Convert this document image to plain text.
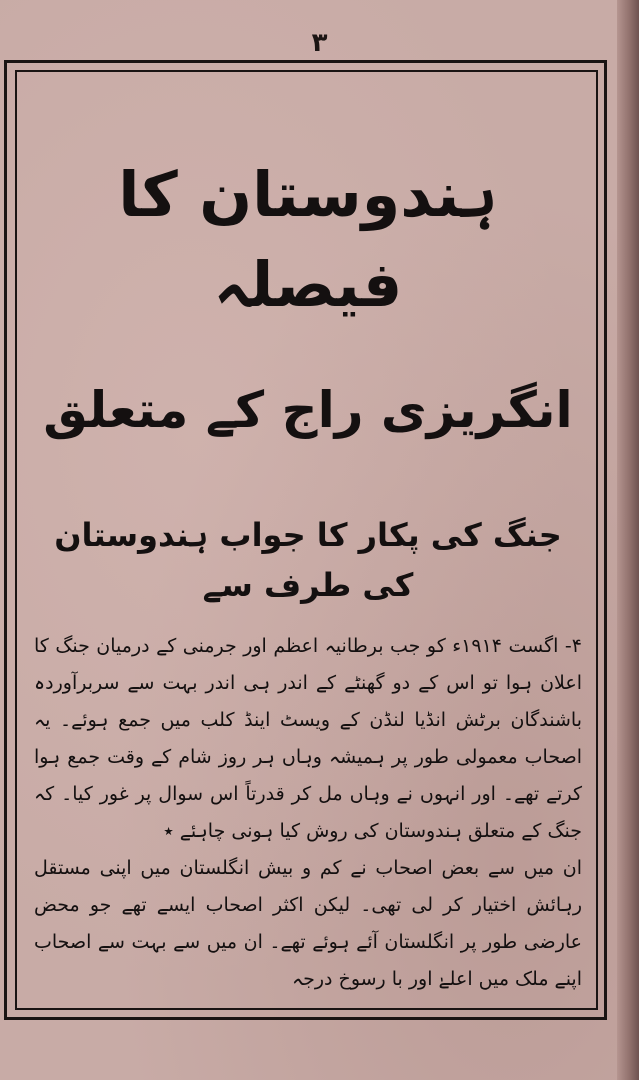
۳
ہندوستان کا فیصلہ
انگریزی راج کے متعلق
جنگ کی پکار کا جواب ہندوستان کی طرف سے

۴- اگست ۱۹۱۴ء کو جب برطانیہ اعظم اور جرمنی کے درمیان جنگ کا اعلان ہوا تو اس کے دو گھنٹے کے اندر ہی اندر بہت سے سربرآوردہ باشندگان برٹش انڈیا لنڈن کے ویسٹ اینڈ کلب میں جمع ہوئے۔ یہ اصحاب معمولی طور پر ہمیشہ وہاں ہر روز شام کے وقت جمع ہوا کرتے تھے۔ اور انہوں نے وہاں مل کر قدرتاً اس سوال پر غور کیا۔ کہ جنگ کے متعلق ہندوستان کی روش کیا ہونی چاہئے ٭

ان میں سے بعض اصحاب نے کم و بیش انگلستان میں اپنی مستقل رہائش اختیار کر لی تھی۔ لیکن اکثر اصحاب ایسے تھے جو محض عارضی طور پر انگلستان آئے ہوئے تھے۔ ان میں سے بہت سے اصحاب اپنے ملک میں اعلےٰ اور با رسوخ درجہ
